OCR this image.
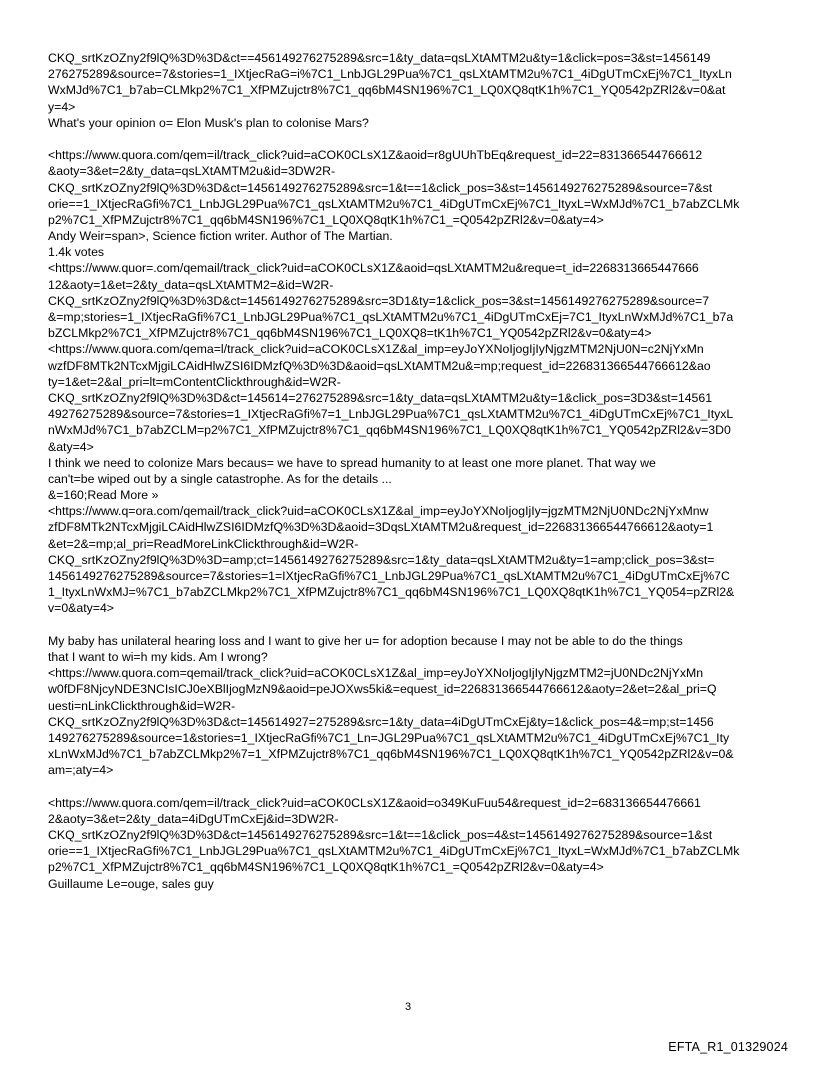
CKQ_srtKzOZny2f9lQ%3D%3D&ct==456149276275289&src=1&ty_data=qsLXtAMTM2u&ty=1&click=pos=3&st=1456149
276275289&source=7&stories=1_IXtjecRaG=i%7C1_LnbJGL29Pua%7C1_qsLXtAMTM2u%7C1_4iDgUTmCxEj%7C1_ItyxLn
WxMJd%7C1_b7ab=CLMkp2%7C1_XfPMZujctr8%7C1_qq6bM4SN196%7C1_LQ0XQ8qtK1h%7C1_YQ0542pZRl2&v=0&at
y=4>
What's your opinion o= Elon Musk's plan to colonise Mars?
<https://www.quora.com/qem=il/track_click?uid=aCOK0CLsX1Z&aoid=r8gUUhTbEq&request_id=22=831366544766612
&aoty=3&et=2&ty_data=qsLXtAMTM2u&id=3DW2R-
CKQ_srtKzOZny2f9lQ%3D%3D&ct=1456149276275289&src=1&t==1&click_pos=3&st=1456149276275289&source=7&st
orie==1_IXtjecRaGfi%7C1_LnbJGL29Pua%7C1_qsLXtAMTM2u%7C1_4iDgUTmCxEj%7C1_ItyxL=WxMJd%7C1_b7abZCLMk
p2%7C1_XfPMZujctr8%7C1_qq6bM4SN196%7C1_LQ0XQ8qtK1h%7C1_=Q0542pZRl2&v=0&aty=4>
Andy Weir=span>, Science fiction writer. Author of The Martian.
1.4k votes
<https://www.quor=.com/qemail/track_click?uid=aCOK0CLsX1Z&aoid=qsLXtAMTM2u&reque=t_id=2268313665447666
12&aoty=1&et=2&ty_data=qsLXtAMTM2=&id=W2R-
CKQ_srtKzOZny2f9lQ%3D%3D&ct=1456149276275289&src=3D1&ty=1&click_pos=3&st=1456149276275289&source=7
&=mp;stories=1_IXtjecRaGfi%7C1_LnbJGL29Pua%7C1_qsLXtAMTM2u%7C1_4iDgUTmCxEj=7C1_ItyxLnWxMJd%7C1_b7a
bZCLMkp2%7C1_XfPMZujctr8%7C1_qq6bM4SN196%7C1_LQ0XQ8=tK1h%7C1_YQ0542pZRl2&v=0&aty=4>
<https://www.quora.com/qema=l/track_click?uid=aCOK0CLsX1Z&al_imp=eyJoYXNoIjogIjIyNjgzMTM2NjU0N=c2NjYxMn
wzfDF8MTk2NTcxMjgiLCAidHlwZSI6IDMzfQ%3D%3D&aoid=qsLXtAMTM2u&=mp;request_id=226831366544766612&ao
ty=1&et=2&al_pri=lt=mContentClickthrough&id=W2R-
CKQ_srtKzOZny2f9lQ%3D%3D&ct=145614=276275289&src=1&ty_data=qsLXtAMTM2u&ty=1&click_pos=3D3&st=14561
49276275289&source=7&stories=1_IXtjecRaGfi%7=1_LnbJGL29Pua%7C1_qsLXtAMTM2u%7C1_4iDgUTmCxEj%7C1_ItyxL
nWxMJd%7C1_b7abZCLM=p2%7C1_XfPMZujctr8%7C1_qq6bM4SN196%7C1_LQ0XQ8qtK1h%7C1_YQ0542pZRl2&v=3D0
&aty=4>
I think we need to colonize Mars becaus= we have to spread humanity to at least one more planet. That way we
can't=be wiped out by a single catastrophe. As for the details ...
&=160;Read More »
<https://www.q=ora.com/qemail/track_click?uid=aCOK0CLsX1Z&al_imp=eyJoYXNoIjogIjIy=jgzMTM2NjU0NDc2NjYxMnw
zfDF8MTk2NTcxMjgiLCAidHlwZSI6IDMzfQ%3D%3D&aoid=3DqsLXtAMTM2u&request_id=226831366544766612&aoty=1
&et=2&=mp;al_pri=ReadMoreLinkClickthrough&id=W2R-
CKQ_srtKzOZny2f9lQ%3D%3D=amp;ct=1456149276275289&src=1&ty_data=qsLXtAMTM2u&ty=1=amp;click_pos=3&st=
1456149276275289&source=7&stories=1=IXtjecRaGfi%7C1_LnbJGL29Pua%7C1_qsLXtAMTM2u%7C1_4iDgUTmCxEj%7C
1_ItyxLnWxMJ=%7C1_b7abZCLMkp2%7C1_XfPMZujctr8%7C1_qq6bM4SN196%7C1_LQ0XQ8qtK1h%7C1_YQ054=pZRl2&
v=0&aty=4>
My baby has unilateral hearing loss and I want to give her u= for adoption because I may not be able to do the things
that I want to wi=h my kids. Am I wrong?
<https://www.quora.com=qemail/track_click?uid=aCOK0CLsX1Z&al_imp=eyJoYXNoIjogIjIyNjgzMTM2=jU0NDc2NjYxMn
w0fDF8NjcyNDE3NCIsICJ0eXBlIjogMzN9&aoid=peJOXws5ki&=equest_id=226831366544766612&aoty=2&et=2&al_pri=Q
uesti=nLinkClickthrough&id=W2R-
CKQ_srtKzOZny2f9lQ%3D%3D&ct=145614927=275289&src=1&ty_data=4iDgUTmCxEj&ty=1&click_pos=4&=mp;st=1456
149276275289&source=1&stories=1_IXtjecRaGfi%7C1_Ln=JGL29Pua%7C1_qsLXtAMTM2u%7C1_4iDgUTmCxEj%7C1_Ity
xLnWxMJd%7C1_b7abZCLMkp2%7=1_XfPMZujctr8%7C1_qq6bM4SN196%7C1_LQ0XQ8qtK1h%7C1_YQ0542pZRl2&v=0&
am=;aty=4>
<https://www.quora.com/qem=il/track_click?uid=aCOK0CLsX1Z&aoid=o349KuFuu54&request_id=2=683136654476661
2&aoty=3&et=2&ty_data=4iDgUTmCxEj&id=3DW2R-
CKQ_srtKzOZny2f9lQ%3D%3D&ct=1456149276275289&src=1&t==1&click_pos=4&st=1456149276275289&source=1&st
orie==1_IXtjecRaGfi%7C1_LnbJGL29Pua%7C1_qsLXtAMTM2u%7C1_4iDgUTmCxEj%7C1_ItyxL=WxMJd%7C1_b7abZCLMk
p2%7C1_XfPMZujctr8%7C1_qq6bM4SN196%7C1_LQ0XQ8qtK1h%7C1_=Q0542pZRl2&v=0&aty=4>
Guillaume Le=ouge, sales guy
3
EFTA_R1_01329024
